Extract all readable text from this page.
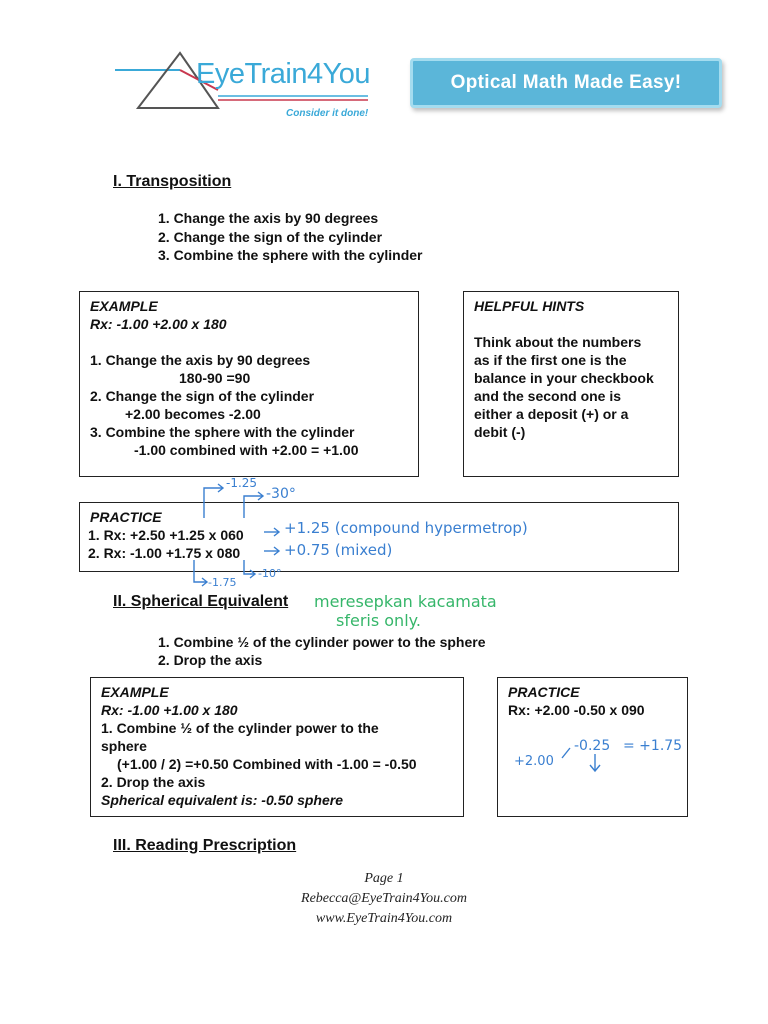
EyeTrain4You
Consider it done!
Optical Math Made Easy!
I. Transposition
1. Change the axis by 90 degrees
2. Change the sign of the cylinder
3. Combine the sphere with the cylinder
EXAMPLE
Rx: -1.00 +2.00 x 180
1. Change the axis by 90 degrees
180-90 =90
2. Change the sign of the cylinder
+2.00 becomes -2.00
3. Combine the sphere with the cylinder
-1.00 combined with +2.00 = +1.00
HELPFUL HINTS
Think about the numbers
as if the first one is the
balance in your checkbook
and the second one is
either a deposit (+) or a
debit (-)
PRACTICE
1. Rx: +2.50 +1.25 x 060
2. Rx: -1.00 +1.75 x 080
-1.25
-30°
+1.25 (compound hypermetrop)
+0.75 (mixed)
-1.75
-10°
II. Spherical Equivalent meresepkan kacamata
sferis only.
1. Combine ½ of the cylinder power to the sphere
2. Drop the axis
EXAMPLE
Rx: -1.00 +1.00 x 180
1. Combine ½ of the cylinder power to the
sphere
(+1.00 / 2) =+0.50 Combined with -1.00 = -0.50
2. Drop the axis
Spherical equivalent is: -0.50 sphere
PRACTICE
Rx: +2.00 -0.50 x 090
+2.00
-0.25 = +1.75
III. Reading Prescription
Page 1
Rebecca@EyeTrain4You.com
www.EyeTrain4You.com
